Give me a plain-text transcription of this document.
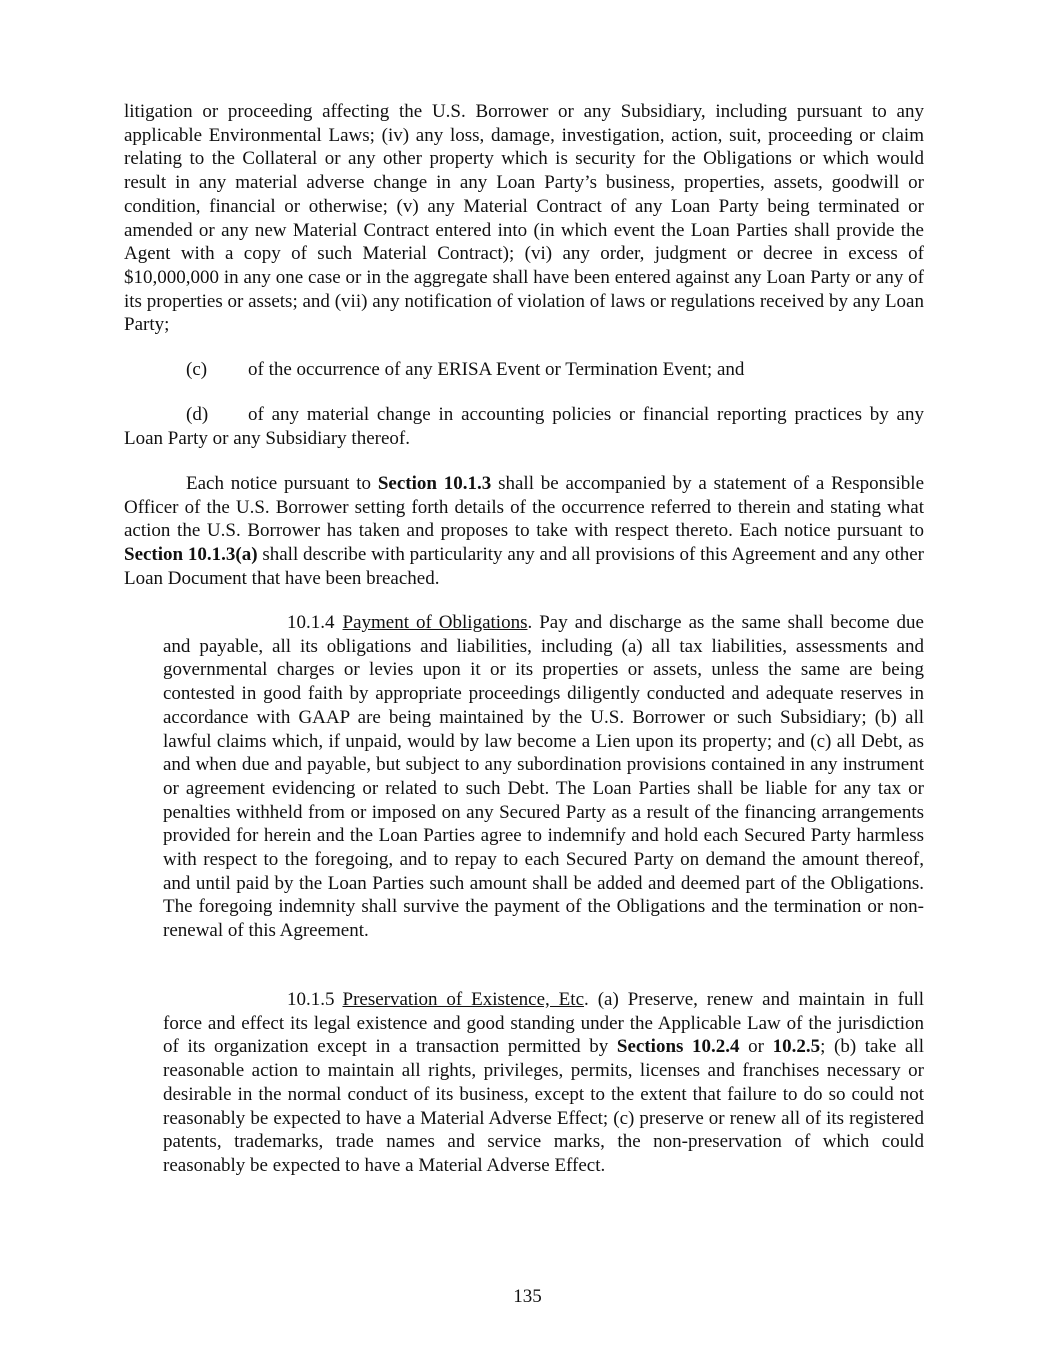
litigation or proceeding affecting the U.S. Borrower or any Subsidiary, including pursuant to any applicable Environmental Laws; (iv) any loss, damage, investigation, action, suit, proceeding or claim relating to the Collateral or any other property which is security for the Obligations or which would result in any material adverse change in any Loan Party’s business, properties, assets, goodwill or condition, financial or otherwise; (v) any Material Contract of any Loan Party being terminated or amended or any new Material Contract entered into (in which event the Loan Parties shall provide the Agent with a copy of such Material Contract); (vi) any order, judgment or decree in excess of $10,000,000 in any one case or in the aggregate shall have been entered against any Loan Party or any of its properties or assets; and (vii) any notification of violation of laws or regulations received by any Loan Party;

(c) of the occurrence of any ERISA Event or Termination Event; and

(d) of any material change in accounting policies or financial reporting practices by any Loan Party or any Subsidiary thereof.

Each notice pursuant to Section 10.1.3 shall be accompanied by a statement of a Responsible Officer of the U.S. Borrower setting forth details of the occurrence referred to therein and stating what action the U.S. Borrower has taken and proposes to take with respect thereto. Each notice pursuant to Section 10.1.3(a) shall describe with particularity any and all provisions of this Agreement and any other Loan Document that have been breached.

10.1.4 Payment of Obligations. Pay and discharge as the same shall become due and payable, all its obligations and liabilities, including (a) all tax liabilities, assessments and governmental charges or levies upon it or its properties or assets, unless the same are being contested in good faith by appropriate proceedings diligently conducted and adequate reserves in accordance with GAAP are being maintained by the U.S. Borrower or such Subsidiary; (b) all lawful claims which, if unpaid, would by law become a Lien upon its property; and (c) all Debt, as and when due and payable, but subject to any subordination provisions contained in any instrument or agreement evidencing or related to such Debt. The Loan Parties shall be liable for any tax or penalties withheld from or imposed on any Secured Party as a result of the financing arrangements provided for herein and the Loan Parties agree to indemnify and hold each Secured Party harmless with respect to the foregoing, and to repay to each Secured Party on demand the amount thereof, and until paid by the Loan Parties such amount shall be added and deemed part of the Obligations. The foregoing indemnity shall survive the payment of the Obligations and the termination or non-renewal of this Agreement.

10.1.5 Preservation of Existence, Etc. (a) Preserve, renew and maintain in full force and effect its legal existence and good standing under the Applicable Law of the jurisdiction of its organization except in a transaction permitted by Sections 10.2.4 or 10.2.5; (b) take all reasonable action to maintain all rights, privileges, permits, licenses and franchises necessary or desirable in the normal conduct of its business, except to the extent that failure to do so could not reasonably be expected to have a Material Adverse Effect; (c) preserve or renew all of its registered patents, trademarks, trade names and service marks, the non-preservation of which could reasonably be expected to have a Material Adverse Effect.

135
